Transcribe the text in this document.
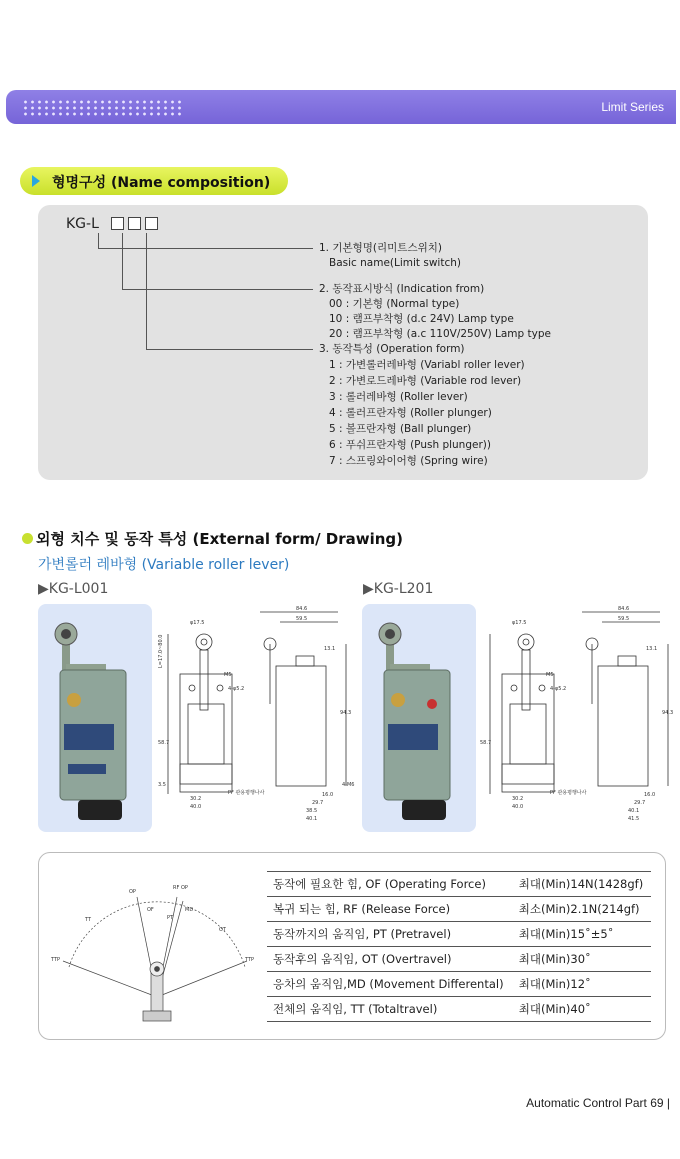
Limit Series
형명구성 (Name composition)
KG-L
1. 기본형명(리미트스위치)
Basic name(Limit switch)
2. 동작표시방식 (Indication from)
00 : 기본형 (Normal type)
10 : 램프부착형 (d.c 24V) Lamp type
20 : 램프부착형 (a.c 110V/250V) Lamp type
3. 동작특성 (Operation form)
1 : 가변롤러레바형 (Variabl roller lever)
2 : 가변로드레바형 (Variable rod lever)
3 : 롤러레바형 (Roller lever)
4 : 롤러프란자형 (Roller plunger)
5 : 볼프란자형 (Ball plunger)
6 : 푸쉬프란자형 (Push plunger))
7 : 스프링와이어형 (Spring wire)
외형 치수 및 동작 특성 (External form/ Drawing)
가변롤러 레바형 (Variable roller lever)
▶KG-L001	▶KG-L201
φ17.5
M5
4-φ5.2
L=17.0~80.0
58.7
3.5
30.2
40.0
PF 관용평행나사
84.6
59.5
13.1
94.3
16.0
29.7
38.5
40.1
4-M6
φ17.5
M5
4-φ5.2
58.7
30.2
40.0
PF 관용평행나사
84.6
59.5
13.1
94.3
16.0
29.7
40.1
41.5
OP
RF OP
OF
PT
MD
TT
OT
TTP	TTP
동작에 필요한 힘, OF (Operating Force)	최대(Min)14N(1428gf)
복귀 되는 힘, RF (Release Force)	최소(Min)2.1N(214gf)
동작까지의 움직임, PT (Pretravel)	최대(Min)15˚±5˚
동작후의 움직임, OT (Overtravel)	최대(Min)30˚
응차의 움직임,MD (Movement Differental)	최대(Min)12˚
전체의 움직임, TT (Totaltravel)	최대(Min)40˚
Automatic Control Part 69 |
